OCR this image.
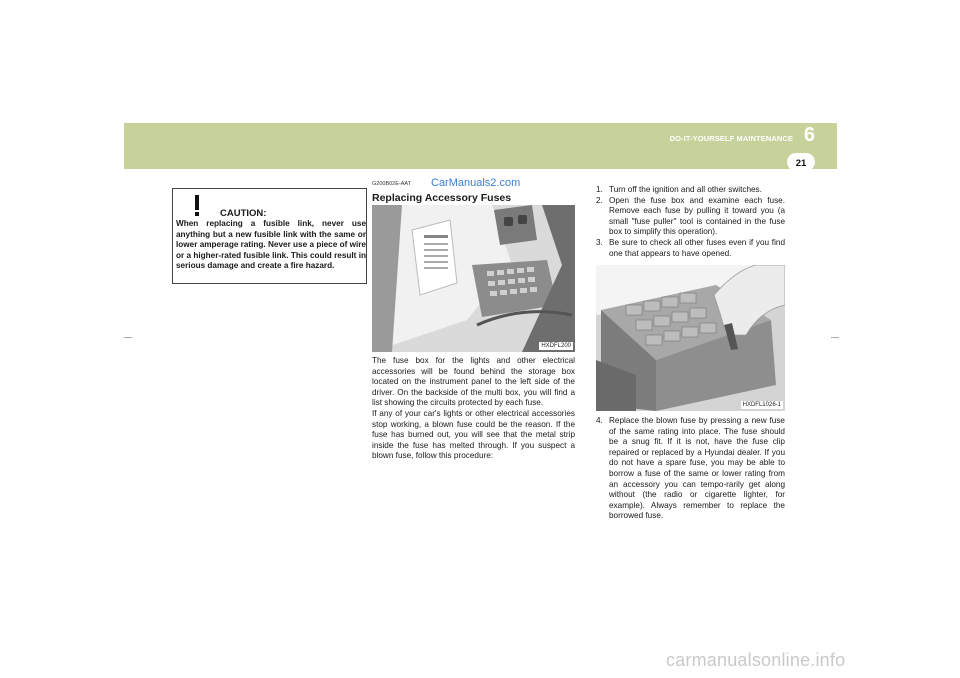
DO-IT-YOURSELF MAINTENANCE 6
21
CAUTION:
When replacing a fusible link, never use anything but a new fusible link with the same or lower amperage rating. Never use a piece of wire or a higher-rated fusible link. This could result in serious damage and create a fire hazard.
G200B02E-AAT CarManuals2.com
Replacing Accessory Fuses
HXDFL200
The fuse box for the lights and other electrical accessories will be found behind the storage box located on the instrument panel to the left side of the driver. On the backside of the multi box, you will find a list showing the circuits protected by each fuse.
If any of your car's lights or other electrical accessories stop working, a blown fuse could be the reason. If the fuse has burned out, you will see that the metal strip inside the fuse has melted through. If you suspect a blown fuse, follow this procedure:
1. Turn off the ignition and all other switches.
2. Open the fuse box and examine each fuse. Remove each fuse by pulling it toward you (a small "fuse puller" tool is contained in the fuse box to simplify this operation).
3. Be sure to check all other fuses even if you find one that appears to have opened.
HXDFL1026-1
4. Replace the blown fuse by pressing a new fuse of the same rating into place. The fuse should be a snug fit. If it is not, have the fuse clip repaired or replaced by a Hyundai dealer. If you do not have a spare fuse, you may be able to borrow a fuse of the same or lower rating from an accessory you can tempo-rarily get along without (the radio or cigarette lighter, for example). Always remember to replace the borrowed fuse.
carmanualsonline.info
